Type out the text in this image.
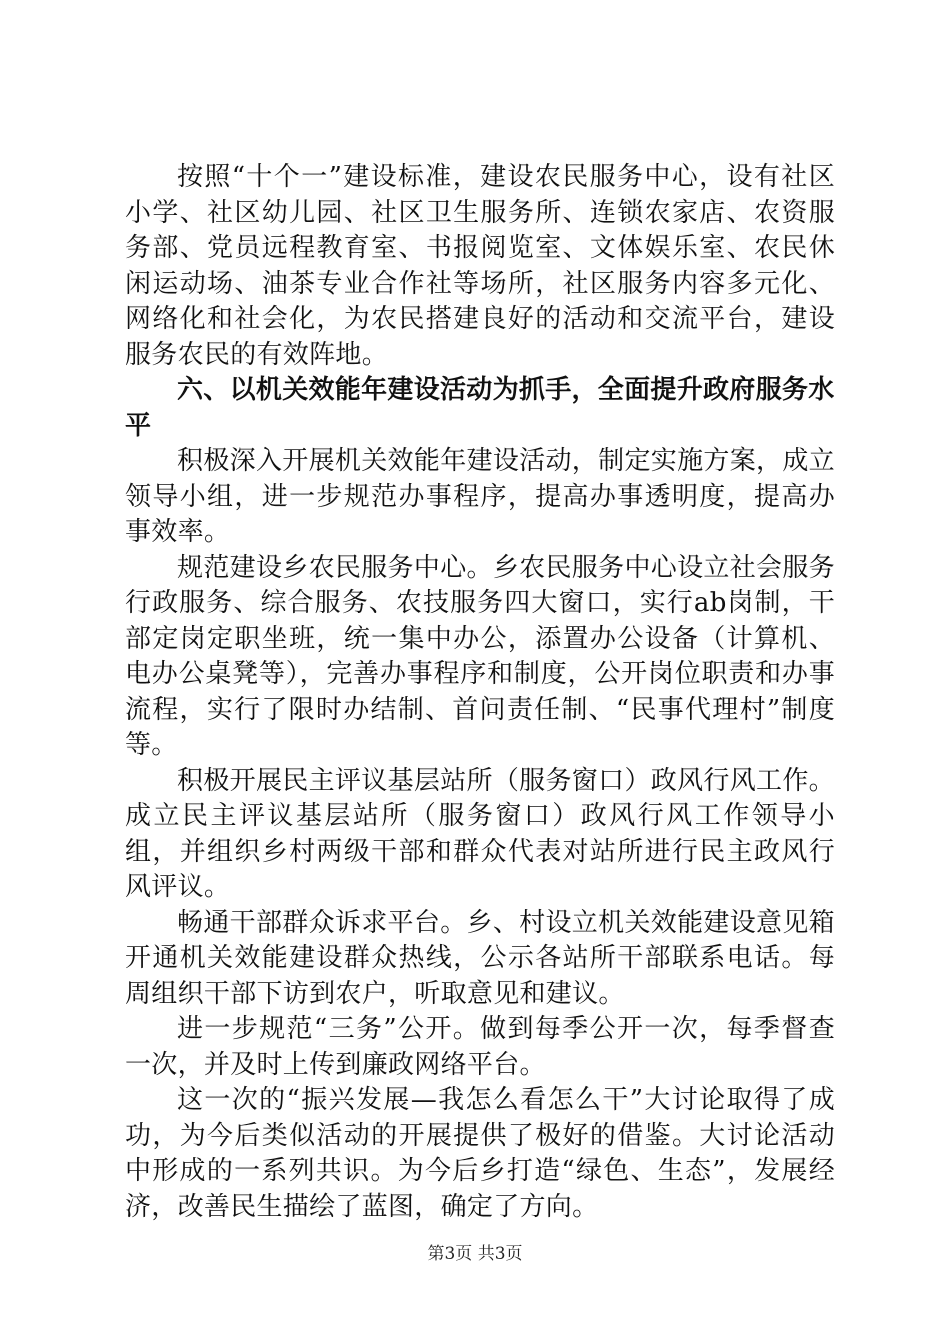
按照“十个一”建设标准，建设农民服务中心，设有社区小学、社区幼儿园、社区卫生服务所、连锁农家店、农资服务部、党员远程教育室、书报阅览室、文体娱乐室、农民休闲运动场、油茶专业合作社等场所，社区服务内容多元化、网络化和社会化，为农民搭建良好的活动和交流平台，建设服务农民的有效阵地。

六、以机关效能年建设活动为抓手，全面提升政府服务水平

积极深入开展机关效能年建设活动，制定实施方案，成立领导小组，进一步规范办事程序，提高办事透明度，提高办事效率。

规范建设乡农民服务中心。乡农民服务中心设立社会服务行政服务、综合服务、农技服务四大窗口，实行ab岗制，干部定岗定职坐班，统一集中办公，添置办公设备（计算机、电办公桌凳等），完善办事程序和制度，公开岗位职责和办事流程，实行了限时办结制、首问责任制、“民事代理村”制度等。

积极开展民主评议基层站所（服务窗口）政风行风工作。成立民主评议基层站所（服务窗口）政风行风工作领导小组，并组织乡村两级干部和群众代表对站所进行民主政风行风评议。

畅通干部群众诉求平台。乡、村设立机关效能建设意见箱开通机关效能建设群众热线，公示各站所干部联系电话。每周组织干部下访到农户，听取意见和建议。

进一步规范“三务”公开。做到每季公开一次，每季督查一次，并及时上传到廉政网络平台。

这一次的“振兴发展—我怎么看怎么干”大讨论取得了成功，为今后类似活动的开展提供了极好的借鉴。大讨论活动中形成的一系列共识。为今后乡打造“绿色、生态”，发展经济，改善民生描绘了蓝图，确定了方向。

第3页 共3页
